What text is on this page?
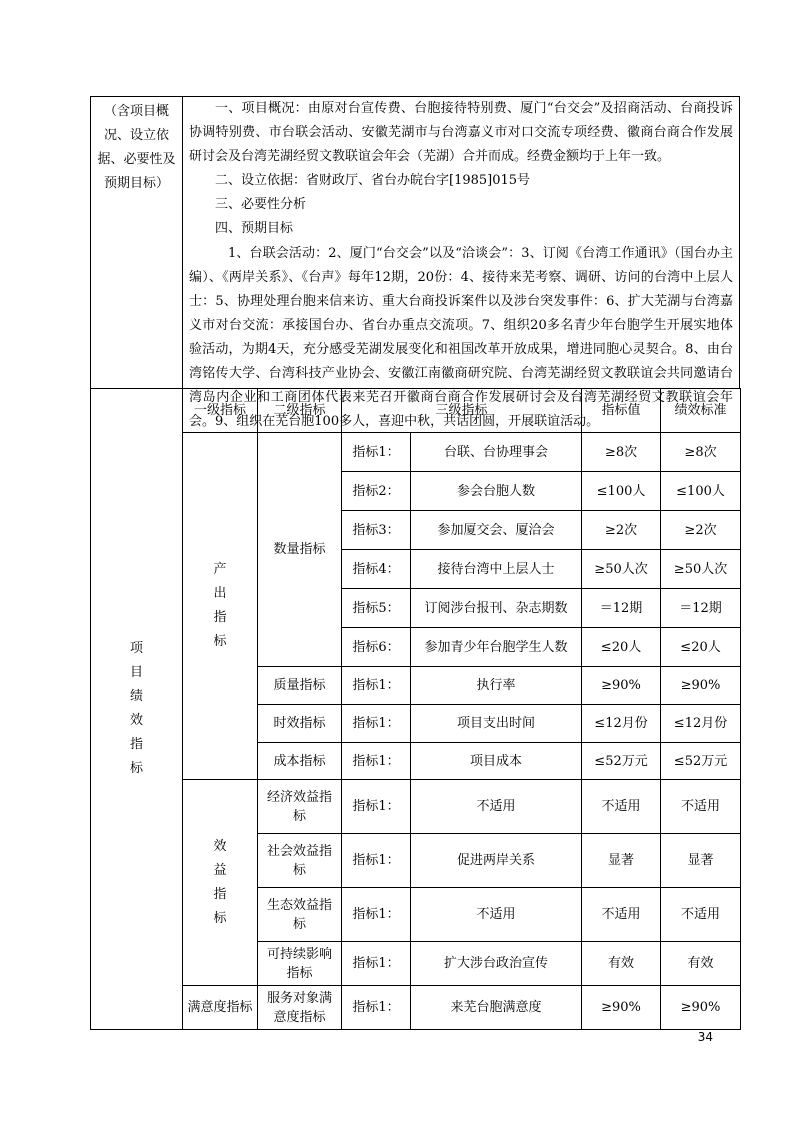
（含项目概况、设立依据、必要性及预期目标）

一、项目概况：由原对台宣传费、台胞接待特别费、厦门“台交会”及招商活动、台商投诉协调特别费、市台联会活动、安徽芜湖市与台湾嘉义市对口交流专项经费、徽商台商合作发展研讨会及台湾芜湖经贸文教联谊会年会（芜湖）合并而成。经费金额均于上年一致。

二、设立依据：省财政厅、省台办皖台字[1985]015号

三、必要性分析

四、预期目标

1、台联会活动：2、厦门“台交会”以及“洽谈会”：3、订阅《台湾工作通讯》（国台办主编）、《两岸关系》、《台声》每年12期，20份：4、接待来芜考察、调研、访问的台湾中上层人士：5、协理处理台胞来信来访、重大台商投诉案件以及涉台突发事件：6、扩大芜湖与台湾嘉义市对台交流：承接国台办、省台办重点交流项。7、组织20多名青少年台胞学生开展实地体验活动，为期4天，充分感受芜湖发展变化和祖国改革开放成果，增进同胞心灵契合。8、由台湾铭传大学、台湾科技产业协会、安徽江南徽商研究院、台湾芜湖经贸文教联谊会共同邀请台湾岛内企业和工商团体代表来芜召开徽商台商合作发展研讨会及台湾芜湖经贸文教联谊会年会。9、组织在芜台胞100多人，喜迎中秋，共话团圆，开展联谊活动。

项目绩效指标	一级指标	二级指标	三级指标		指标值	绩效标准
	产出指标	数量指标	指标1：	台联、台协理事会	≥8次	≥8次
			指标2：	参会台胞人数	≤100人	≤100人
			指标3：	参加厦交会、厦洽会	≥2次	≥2次
			指标4：	接待台湾中上层人士	≥50人次	≥50人次
			指标5：	订阅涉台报刊、杂志期数	＝12期	＝12期
			指标6：	参加青少年台胞学生人数	≤20人	≤20人
		质量指标	指标1：	执行率	≥90%	≥90%
		时效指标	指标1：	项目支出时间	≤12月份	≤12月份
		成本指标	指标1：	项目成本	≤52万元	≤52万元
	效益指标	经济效益指标	指标1：	不适用	不适用	不适用
		社会效益指标	指标1：	促进两岸关系	显著	显著
		生态效益指标	指标1：	不适用	不适用	不适用
		可持续影响指标	指标1：	扩大涉台政治宣传	有效	有效
	满意度指标	服务对象满意度指标	指标1：	来芜台胞满意度	≥90%	≥90%
34
